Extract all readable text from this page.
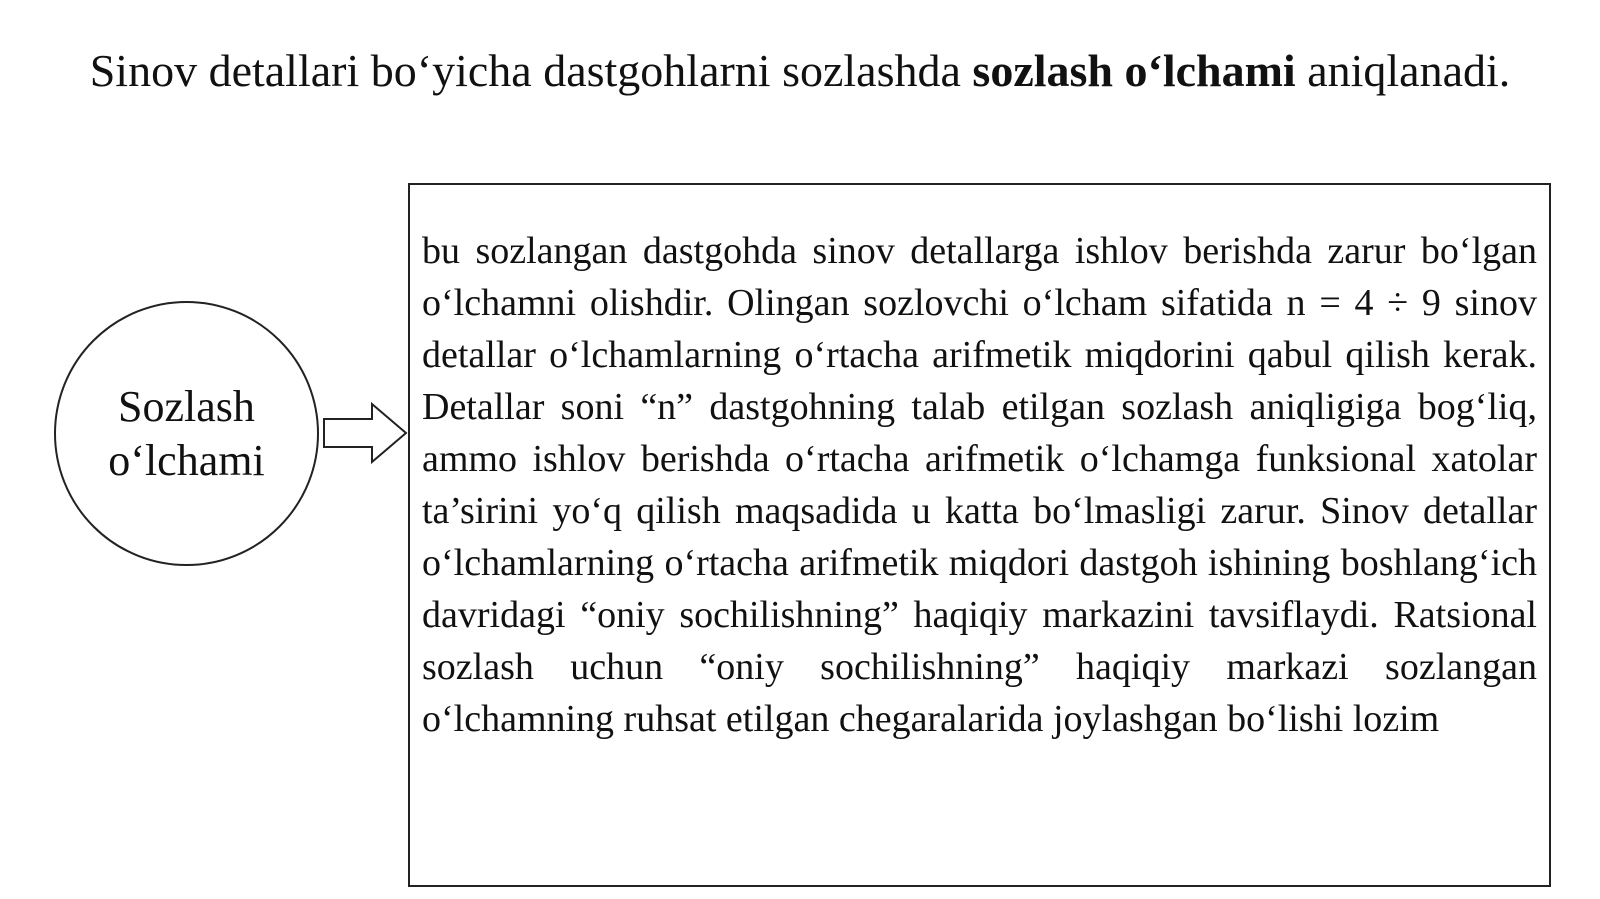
Sinov detallari bo‘yicha dastgohlarni sozlashda sozlash o‘lchami aniqlanadi.
Sozlash
o‘lchami

bu sozlangan dastgohda sinov detallarga ishlov berishda zarur bo‘lgan o‘lchamni olishdir. Olingan sozlovchi o‘lcham sifatida n = 4 ÷ 9 sinov detallar o‘lchamlarning o‘rtacha arifmetik miqdorini qabul qilish kerak. Detallar soni “n” dastgohning talab etilgan sozlash aniqligiga bog‘liq, ammo ishlov berishda o‘rtacha arifmetik o‘lchamga funksional xatolar ta’sirini yo‘q qilish maqsadida u katta bo‘lmasligi zarur. Sinov detallar o‘lchamlarning o‘rtacha arifmetik miqdori dastgoh ishining boshlang‘ich davridagi “oniy sochilishning” haqiqiy markazini tavsiflaydi. Ratsional sozlash uchun “oniy sochilishning” haqiqiy markazi sozlangan o‘lchamning ruhsat etilgan chegaralarida joylashgan bo‘lishi lozim
